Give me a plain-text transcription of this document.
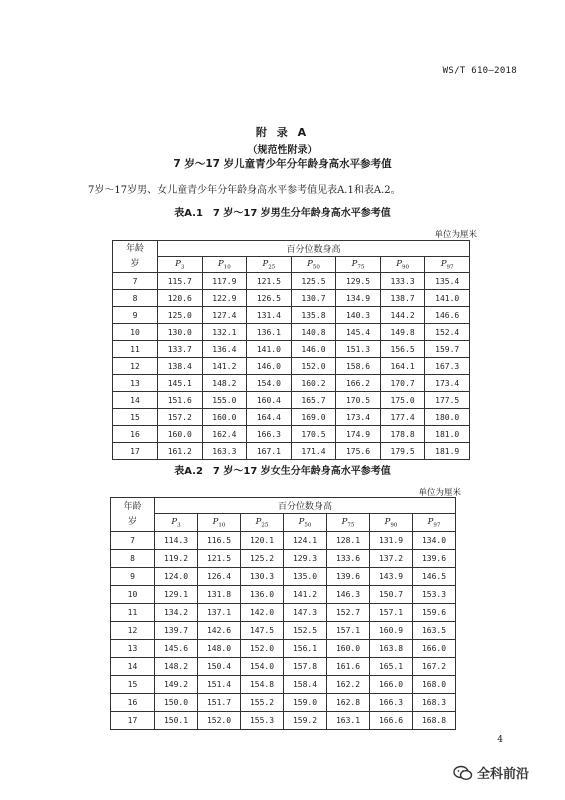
WS/T 610—2018
附 录 A
（规范性附录）
7 岁～17 岁儿童青少年分年龄身高水平参考值
7岁～17岁男、女儿童青少年分年龄身高水平参考值见表A.1和表A.2。
表A.1　7 岁～17 岁男生分年龄身高水平参考值
单位为厘米
年龄
岁	百分位数身高						
	$P_3$	$P_{10}$	$P_{25}$	$P_{50}$	$P_{75}$	$P_{90}$	$P_{97}$
7	115.7	117.9	121.5	125.5	129.5	133.3	135.4
8	120.6	122.9	126.5	130.7	134.9	138.7	141.0
9	125.0	127.4	131.4	135.8	140.3	144.2	146.6
10	130.0	132.1	136.1	140.8	145.4	149.8	152.4
11	133.7	136.4	141.0	146.0	151.3	156.5	159.7
12	138.4	141.2	146.0	152.0	158.6	164.1	167.3
13	145.1	148.2	154.0	160.2	166.2	170.7	173.4
14	151.6	155.0	160.4	165.7	170.5	175.0	177.5
15	157.2	160.0	164.4	169.0	173.4	177.4	180.0
16	160.0	162.4	166.3	170.5	174.9	178.8	181.0
17	161.2	163.3	167.1	171.4	175.6	179.5	181.9
表A.2　7 岁～17 岁女生分年龄身高水平参考值
单位为厘米
年龄
岁	百分位数身高						
	$P_3$	$P_{10}$	$P_{25}$	$P_{50}$	$P_{75}$	$P_{90}$	$P_{97}$
7	114.3	116.5	120.1	124.1	128.1	131.9	134.0
8	119.2	121.5	125.2	129.3	133.6	137.2	139.6
9	124.0	126.4	130.3	135.0	139.6	143.9	146.5
10	129.1	131.8	136.0	141.2	146.3	150.7	153.3
11	134.2	137.1	142.0	147.3	152.7	157.1	159.6
12	139.7	142.6	147.5	152.5	157.1	160.9	163.5
13	145.6	148.0	152.0	156.1	160.0	163.8	166.0
14	148.2	150.4	154.0	157.8	161.6	165.1	167.2
15	149.2	151.4	154.8	158.4	162.2	166.0	168.0
16	150.0	151.7	155.2	159.0	162.8	166.3	168.3
17	150.1	152.0	155.3	159.2	163.1	166.6	168.8
4
全科前沿
